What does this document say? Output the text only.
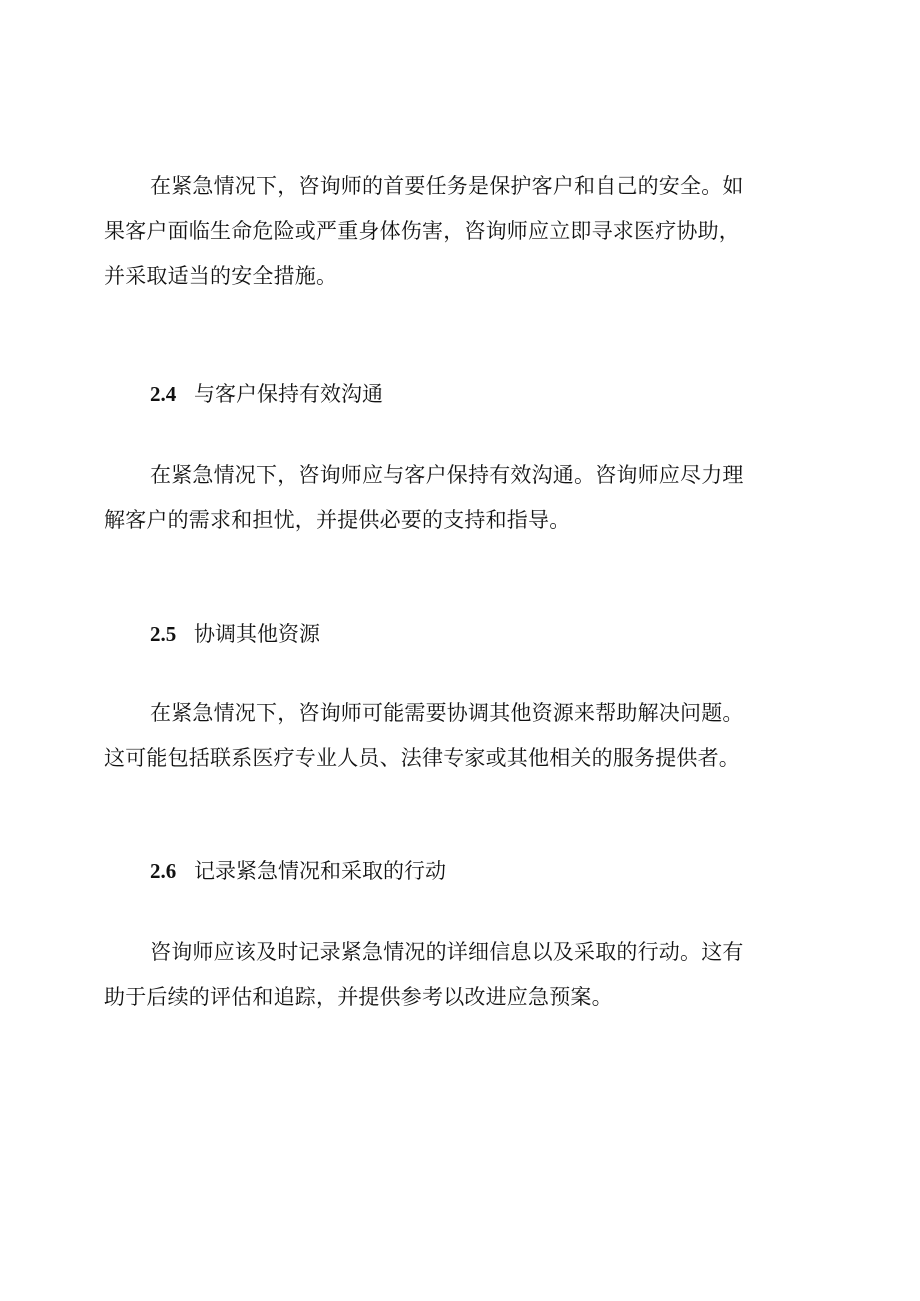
在紧急情况下，咨询师的首要任务是保护客户和自己的安全。如
果客户面临生命危险或严重身体伤害，咨询师应立即寻求医疗协助，
并采取适当的安全措施。

2.4 与客户保持有效沟通

在紧急情况下，咨询师应与客户保持有效沟通。咨询师应尽力理
解客户的需求和担忧，并提供必要的支持和指导。

2.5 协调其他资源

在紧急情况下，咨询师可能需要协调其他资源来帮助解决问题。
这可能包括联系医疗专业人员、法律专家或其他相关的服务提供者。

2.6 记录紧急情况和采取的行动

咨询师应该及时记录紧急情况的详细信息以及采取的行动。这有
助于后续的评估和追踪，并提供参考以改进应急预案。
